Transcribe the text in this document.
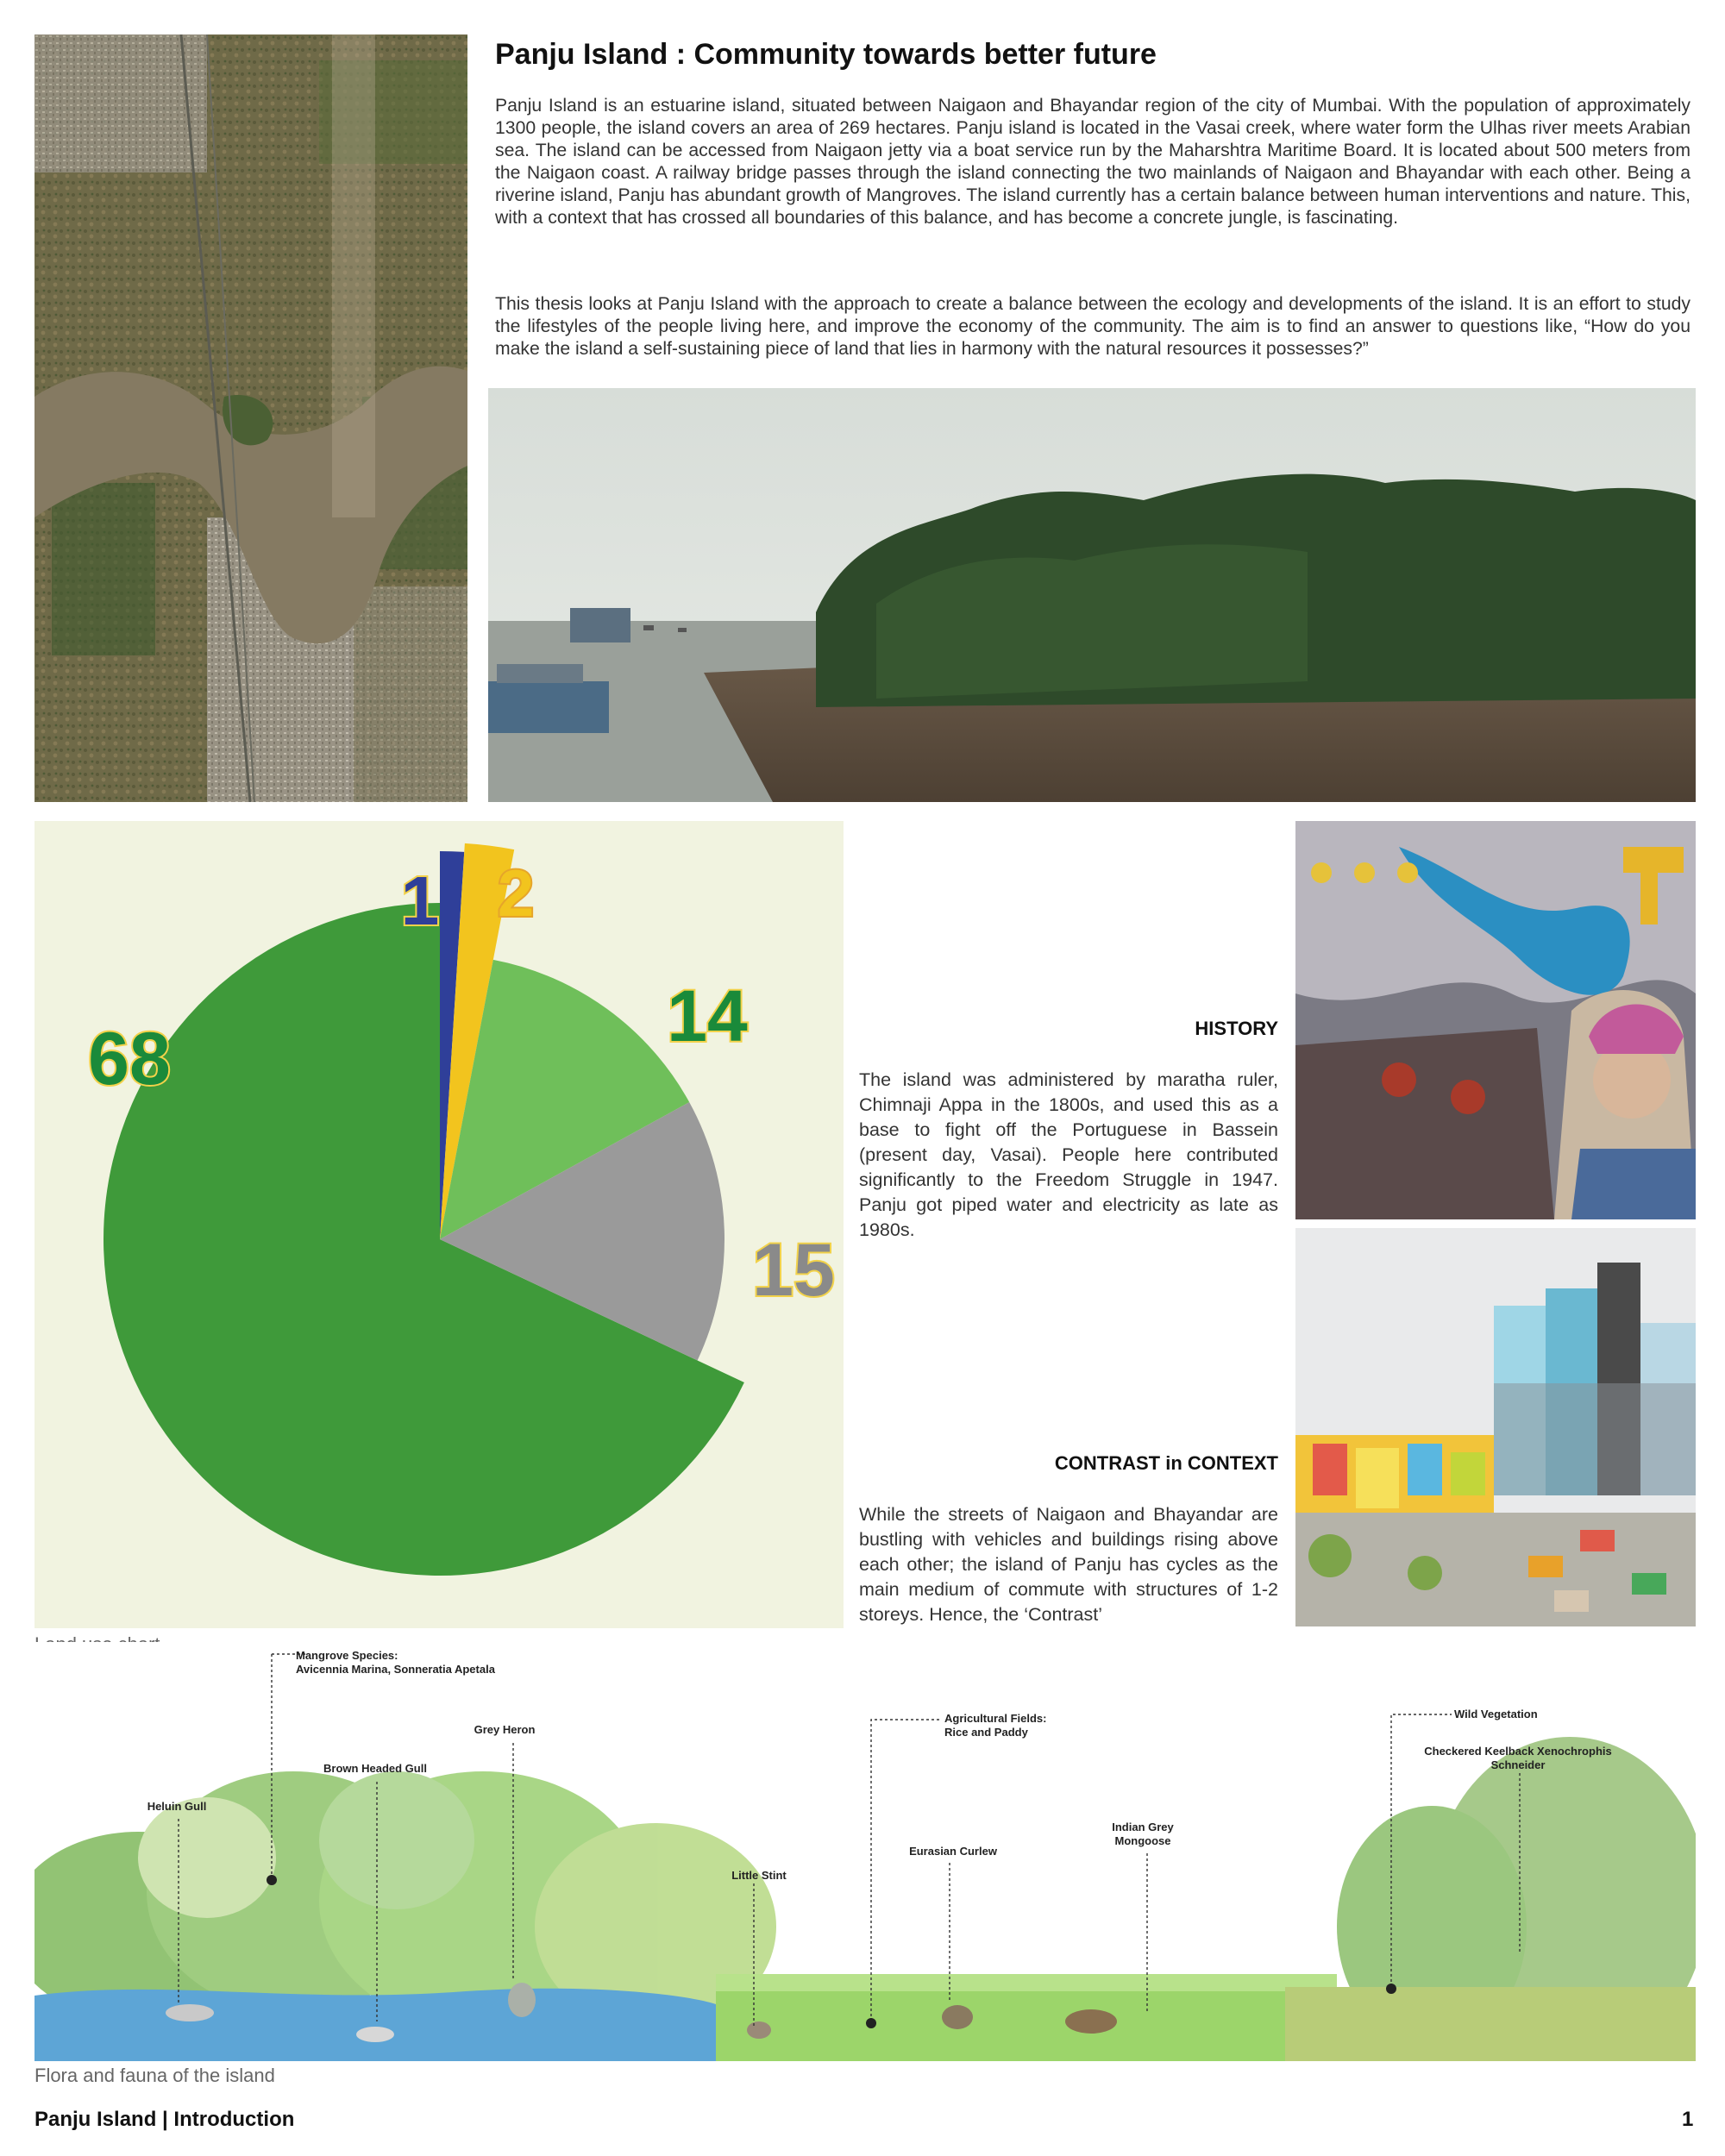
Panju Island : Community towards better future
Panju Island is an estuarine island, situated between Naigaon and Bhayandar region of the city of Mumbai. With the population of approximately 1300 people, the island covers an area of 269 hectares. Panju island is located in the Vasai creek, where water form the Ulhas river meets Arabian sea. The island can be accessed from Naigaon jetty via a boat service run by the Maharshtra Maritime Board. It is located about 500 meters from the Naigaon coast. A railway bridge passes through the island connecting the two mainlands of Naigaon and Bhayandar with each other. Being a riverine island, Panju has abundant growth of Mangroves. The island currently has a certain balance between human interventions and nature. This, with a context that has crossed all boundaries of this balance, and has become a concrete jungle, is fascinating.
This thesis looks at Panju Island with the approach to create a balance between the ecology and developments of the island. It is an effort to study the lifestyles of the people living here, and improve the economy of the community. The aim is to find an answer to questions like, “How do you make the island a self-sustaining piece of land that lies in harmony with the natural resources it possesses?”
68
1 2
14
15
HISTORY
The island was administered by maratha ruler, Chimnaji Appa in the 1800s, and used this as a base to fight off the Portuguese in Bassein (present day, Vasai). People here contributed significantly to the Freedom Struggle in 1947. Panju got piped water and electricity as late as 1980s.
CONTRAST in CONTEXT
While the streets of Naigaon and Bhayandar are bustling with vehicles and buildings rising above each other; the island of Panju has cycles as the main medium of commute with structures of 1-2 storeys. Hence, the ‘Contrast’
Mangrove Species:
Avicennia Marina, Sonneratia Apetala
Grey Heron
Brown Headed Gull
Heluin Gull
Little Stint
Agricultural Fields:
Rice and Paddy
Eurasian Curlew
Indian Grey
Mongoose
Wild Vegetation
Checkered Keelback Xenochrophis
Schneider
Flora and fauna of the island
Panju Island | Introduction	1
